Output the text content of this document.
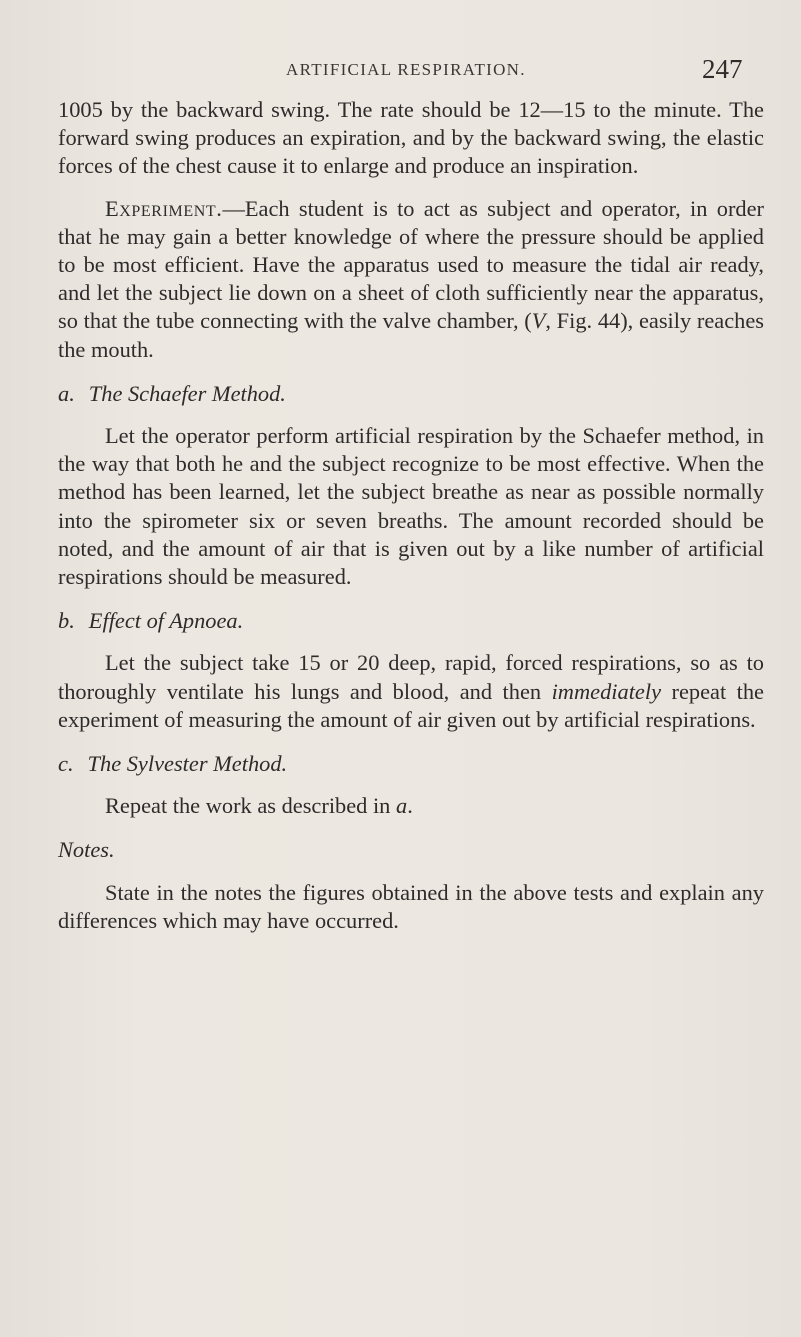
ARTIFICIAL RESPIRATION.	247

1005 by the backward swing. The rate should be 12—15 to the minute. The forward swing produces an expiration, and by the backward swing, the elastic forces of the chest cause it to enlarge and produce an inspiration.

Experiment.—Each student is to act as subject and operator, in order that he may gain a better knowledge of where the pressure should be applied to be most efficient. Have the apparatus used to measure the tidal air ready, and let the subject lie down on a sheet of cloth sufficiently near the apparatus, so that the tube connecting with the valve chamber, (V, Fig. 44), easily reaches the mouth.

a. The Schaefer Method.

Let the operator perform artificial respiration by the Schaefer method, in the way that both he and the subject recognize to be most effective. When the method has been learned, let the subject breathe as near as possible normally into the spirometer six or seven breaths. The amount recorded should be noted, and the amount of air that is given out by a like number of artificial respirations should be measured.

b. Effect of Apnoea.

Let the subject take 15 or 20 deep, rapid, forced respirations, so as to thoroughly ventilate his lungs and blood, and then immediately repeat the experiment of measuring the amount of air given out by artificial respirations.

c. The Sylvester Method.

Repeat the work as described in a.

Notes.

State in the notes the figures obtained in the above tests and explain any differences which may have occurred.
